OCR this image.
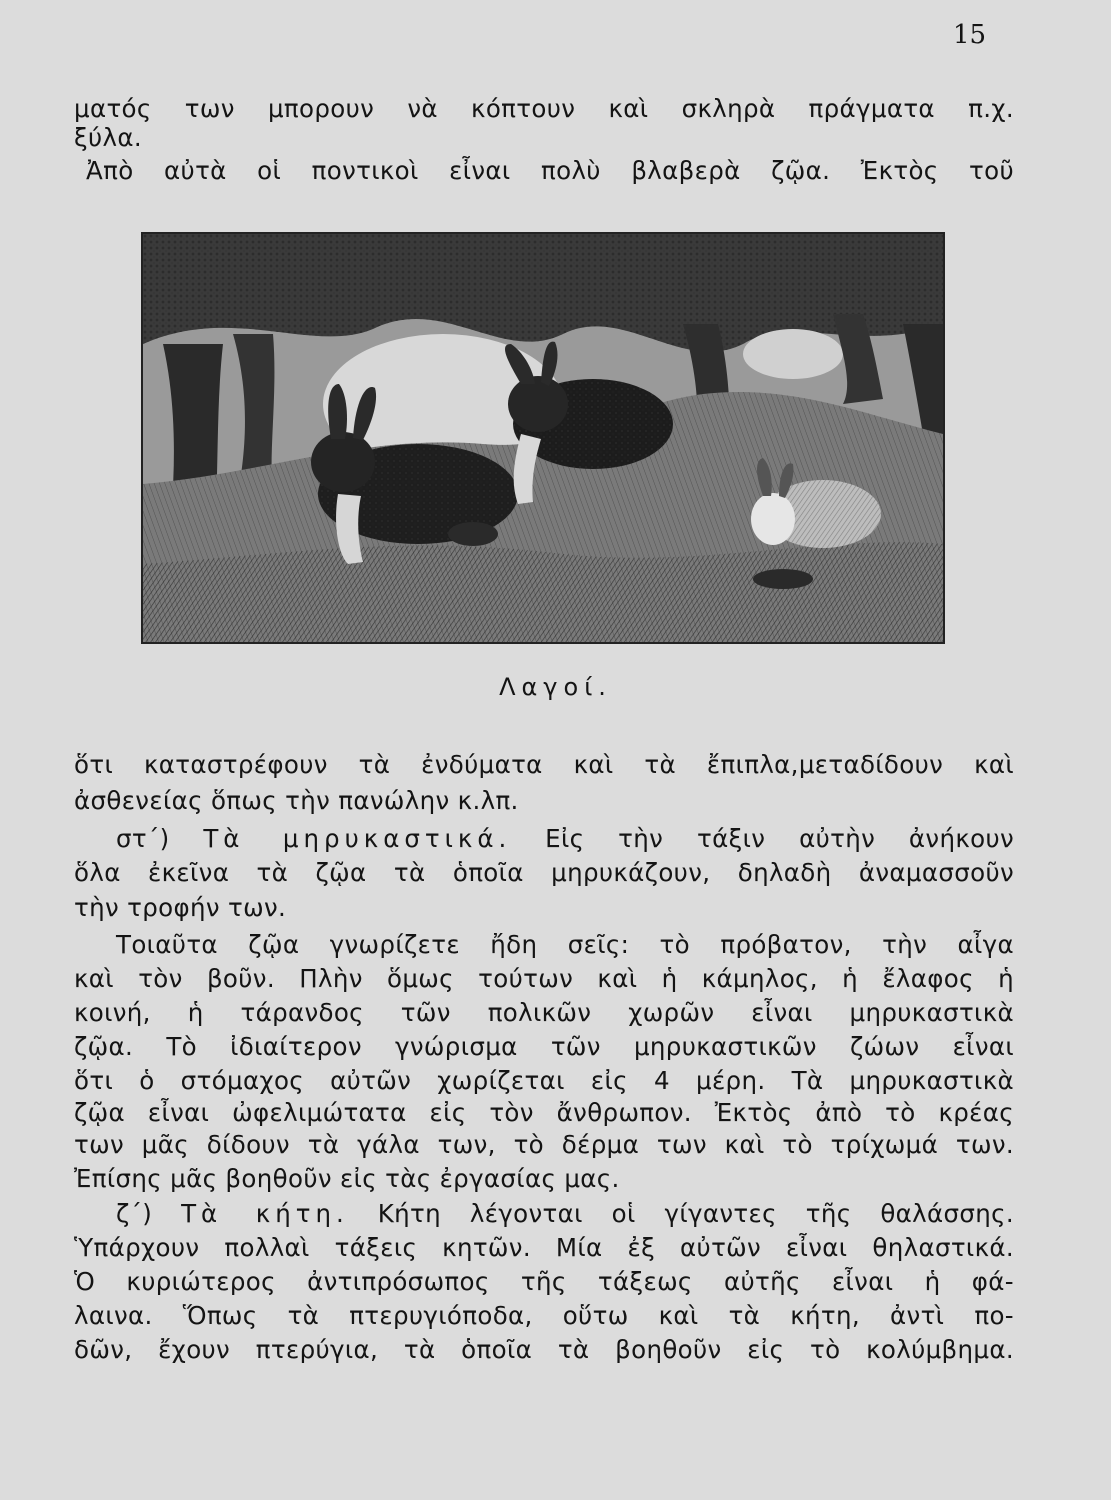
15
ματός των μπορουν νὰ κόπτουν καὶ σκληρὰ πράγματα π.χ.
ξύλα.
Ἀπὸ αὐτὰ οἱ ποντικοὶ εἶναι πολὺ βλαβερὰ ζῷα. Ἐκτὸς τοῦ
Λαγοί.
ὅτι καταστρέφουν τὰ ἐνδύματα καὶ τὰ ἔπιπλα,μεταδίδουν καὶ
ἀσθενείας ὅπως τὴν πανώλην κ.λπ.
στ΄) Τὰ μηρυκαστικά. Εἰς τὴν τάξιν αὐτὴν ἀνήκουν
ὅλα ἐκεῖνα τὰ ζῷα τὰ ὁποῖα μηρυκάζουν, δηλαδὴ ἀναμασσοῦν
τὴν τροφήν των.
Τοιαῦτα ζῷα γνωρίζετε ἤδη σεῖς: τὸ πρόβατον, τὴν αἶγα
καὶ τὸν βοῦν. Πλὴν ὅμως τούτων καὶ ἡ κάμηλος, ἡ ἔλαφος ἡ
κοινή, ἡ τάρανδος τῶν πολικῶν χωρῶν εἶναι μηρυκαστικὰ
ζῷα. Τὸ ἰδιαίτερον γνώρισμα τῶν μηρυκαστικῶν ζώων εἶναι
ὅτι ὁ στόμαχος αὐτῶν χωρίζεται εἰς 4 μέρη. Τὰ μηρυκαστικὰ
ζῷα εἶναι ὠφελιμώτατα εἰς τὸν ἄνθρωπον. Ἐκτὸς ἀπὸ τὸ κρέας
των μᾶς δίδουν τὰ γάλα των, τὸ δέρμα των καὶ τὸ τρίχωμά των.
Ἐπίσης μᾶς βοηθοῦν εἰς τὰς ἐργασίας μας.
ζ΄) Τὰ κήτη. Κήτη λέγονται οἱ γίγαντες τῆς θαλάσσης.
Ὑπάρχουν πολλαὶ τάξεις κητῶν. Μία ἐξ αὐτῶν εἶναι θηλαστικά.
Ὁ κυριώτερος ἀντιπρόσωπος τῆς τάξεως αὐτῆς εἶναι ἡ φά-
λαινα. Ὅπως τὰ πτερυγιόποδα, οὕτω καὶ τὰ κήτη, ἀντὶ πο-
δῶν, ἔχουν πτερύγια, τὰ ὁποῖα τὰ βοηθοῦν εἰς τὸ κολύμβημα.
